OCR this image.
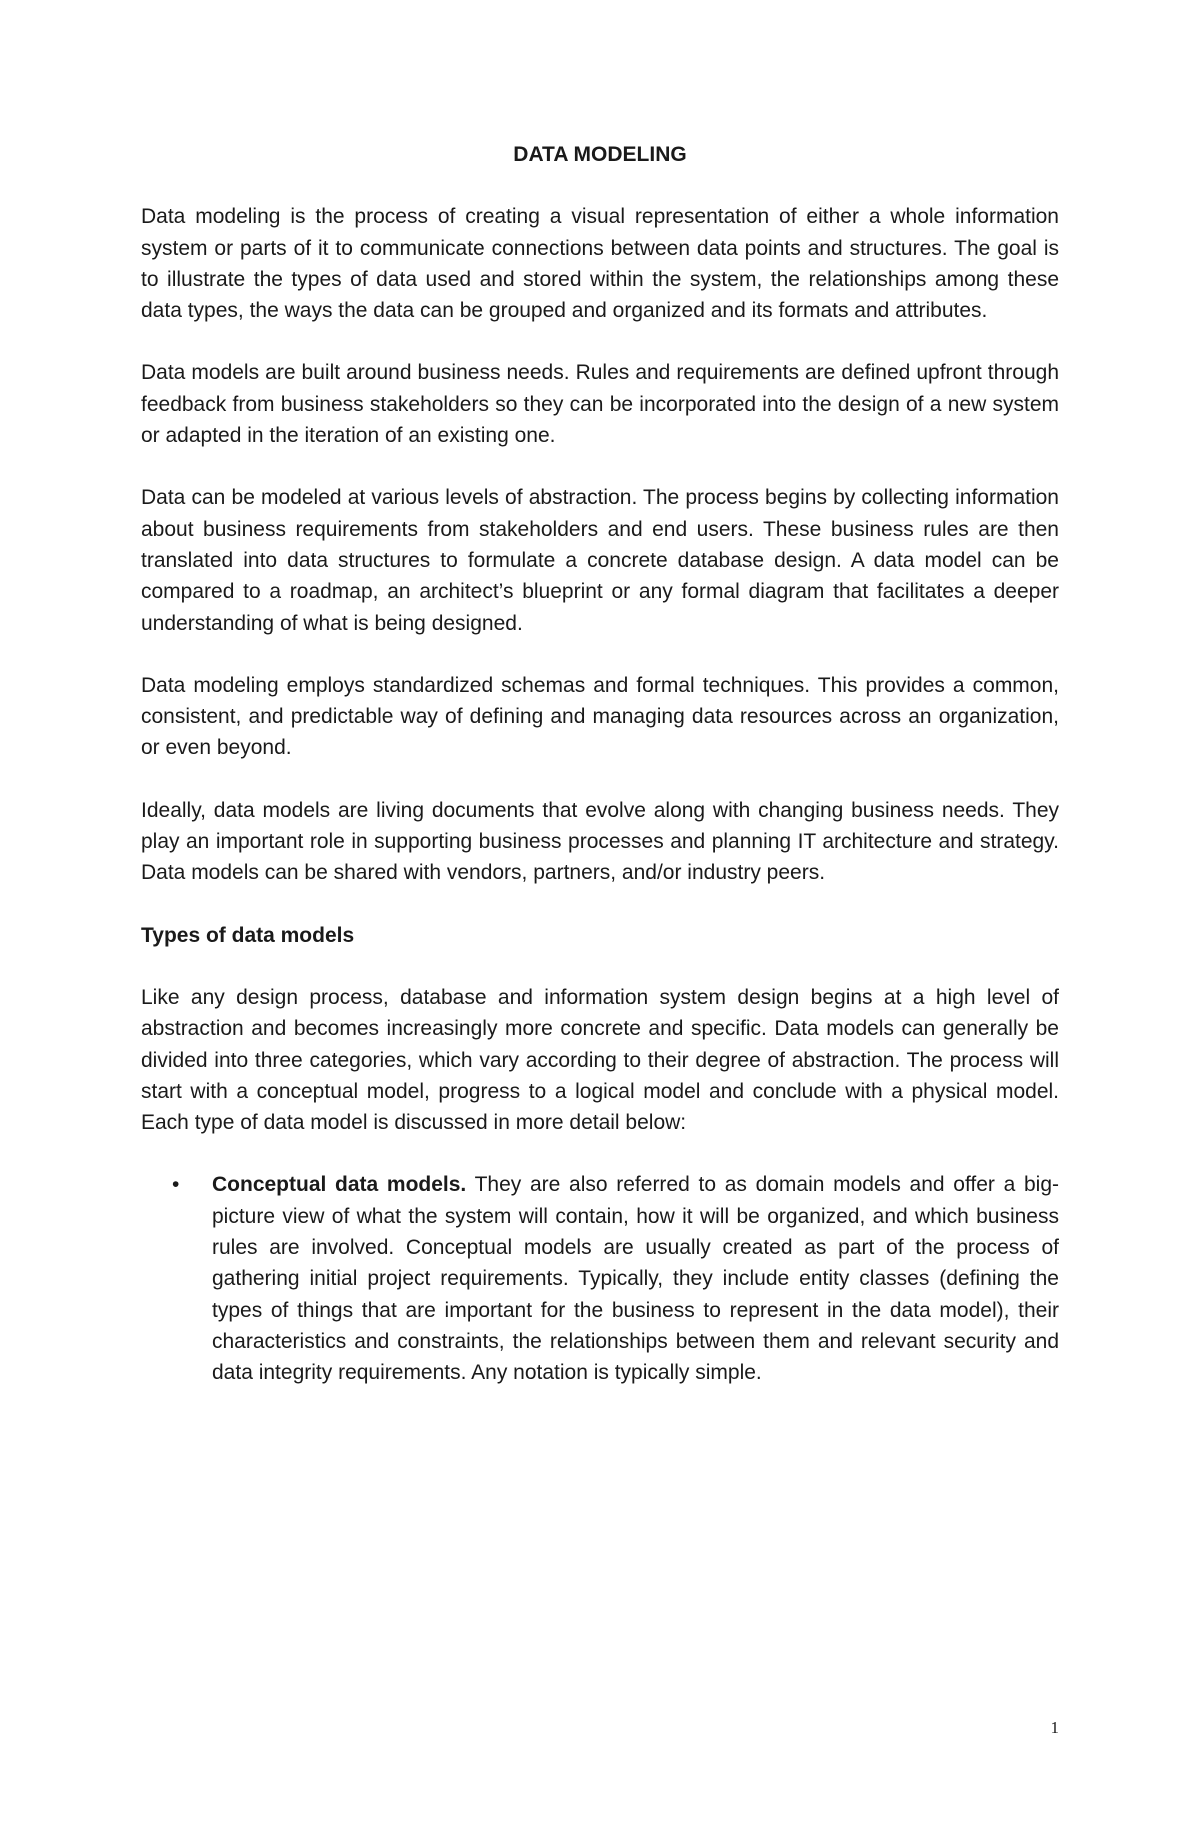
DATA MODELING

Data modeling is the process of creating a visual representation of either a whole information system or parts of it to communicate connections between data points and structures. The goal is to illustrate the types of data used and stored within the system, the relationships among these data types, the ways the data can be grouped and organized and its formats and attributes.

Data models are built around business needs. Rules and requirements are defined upfront through feedback from business stakeholders so they can be incorporated into the design of a new system or adapted in the iteration of an existing one.

Data can be modeled at various levels of abstraction. The process begins by collecting information about business requirements from stakeholders and end users. These business rules are then translated into data structures to formulate a concrete database design. A data model can be compared to a roadmap, an architect’s blueprint or any formal diagram that facilitates a deeper understanding of what is being designed.

Data modeling employs standardized schemas and formal techniques. This provides a common, consistent, and predictable way of defining and managing data resources across an organization, or even beyond.

Ideally, data models are living documents that evolve along with changing business needs. They play an important role in supporting business processes and planning IT architecture and strategy. Data models can be shared with vendors, partners, and/or industry peers.

Types of data models

Like any design process, database and information system design begins at a high level of abstraction and becomes increasingly more concrete and specific. Data models can generally be divided into three categories, which vary according to their degree of abstraction. The process will start with a conceptual model, progress to a logical model and conclude with a physical model. Each type of data model is discussed in more detail below:

• Conceptual data models. They are also referred to as domain models and offer a big-picture view of what the system will contain, how it will be organized, and which business rules are involved. Conceptual models are usually created as part of the process of gathering initial project requirements. Typically, they include entity classes (defining the types of things that are important for the business to represent in the data model), their characteristics and constraints, the relationships between them and relevant security and data integrity requirements. Any notation is typically simple.
1
